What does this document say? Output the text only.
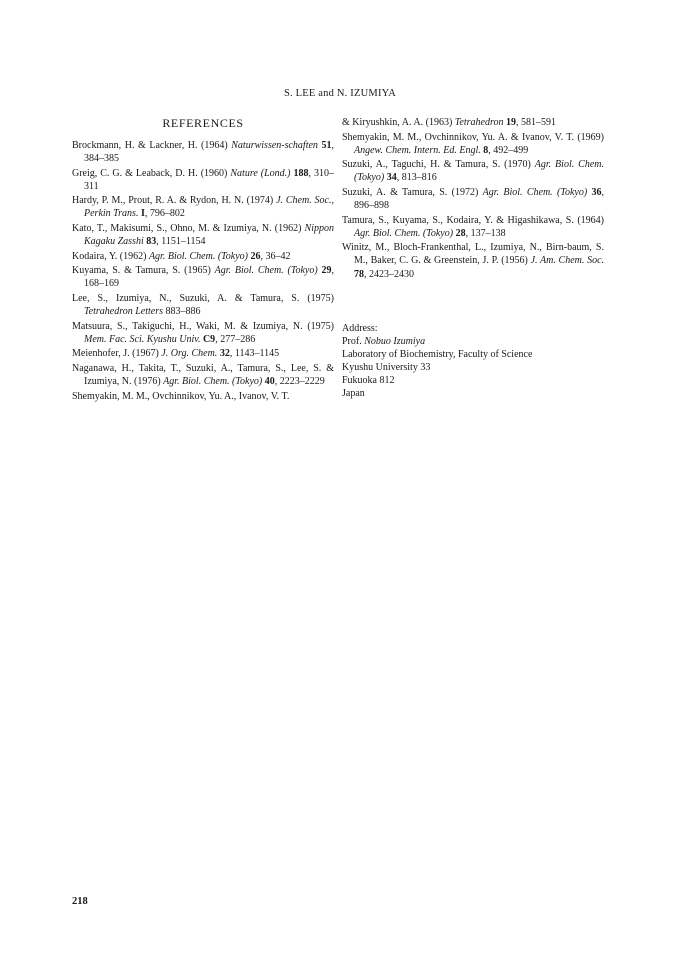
S. LEE and N. IZUMIYA
REFERENCES

Brockmann, H. & Lackner, H. (1964) Naturwissen-schaften 51, 384–385

Greig, C. G. & Leaback, D. H. (1960) Nature (Lond.) 188, 310–311

Hardy, P. M., Prout, R. A. & Rydon, H. N. (1974) J. Chem. Soc., Perkin Trans. I, 796–802

Kato, T., Makisumi, S., Ohno, M. & Izumiya, N. (1962) Nippon Kagaku Zasshi 83, 1151–1154

Kodaira, Y. (1962) Agr. Biol. Chem. (Tokyo) 26, 36–42

Kuyama, S. & Tamura, S. (1965) Agr. Biol. Chem. (Tokyo) 29, 168–169

Lee, S., Izumiya, N., Suzuki, A. & Tamura, S. (1975) Tetrahedron Letters 883–886

Matsuura, S., Takiguchi, H., Waki, M. & Izumiya, N. (1975) Mem. Fac. Sci. Kyushu Univ. C9, 277–286

Meienhofer, J. (1967) J. Org. Chem. 32, 1143–1145

Naganawa, H., Takita, T., Suzuki, A., Tamura, S., Lee, S. & Izumiya, N. (1976) Agr. Biol. Chem. (Tokyo) 40, 2223–2229

Shemyakin, M. M., Ovchinnikov, Yu. A., Ivanov, V. T.

& Kiryushkin, A. A. (1963) Tetrahedron 19, 581–591

Shemyakin, M. M., Ovchinnikov, Yu. A. & Ivanov, V. T. (1969) Angew. Chem. Intern. Ed. Engl. 8, 492–499

Suzuki, A., Taguchi, H. & Tamura, S. (1970) Agr. Biol. Chem. (Tokyo) 34, 813–816

Suzuki, A. & Tamura, S. (1972) Agr. Biol. Chem. (Tokyo) 36, 896–898

Tamura, S., Kuyama, S., Kodaira, Y. & Higashikawa, S. (1964) Agr. Biol. Chem. (Tokyo) 28, 137–138

Winitz, M., Bloch-Frankenthal, L., Izumiya, N., Birn-baum, S. M., Baker, C. G. & Greenstein, J. P. (1956) J. Am. Chem. Soc. 78, 2423–2430

Address:

Prof. Nobuo Izumiya

Laboratory of Biochemistry, Faculty of Science

Kyushu University 33

Fukuoka 812

Japan

218
